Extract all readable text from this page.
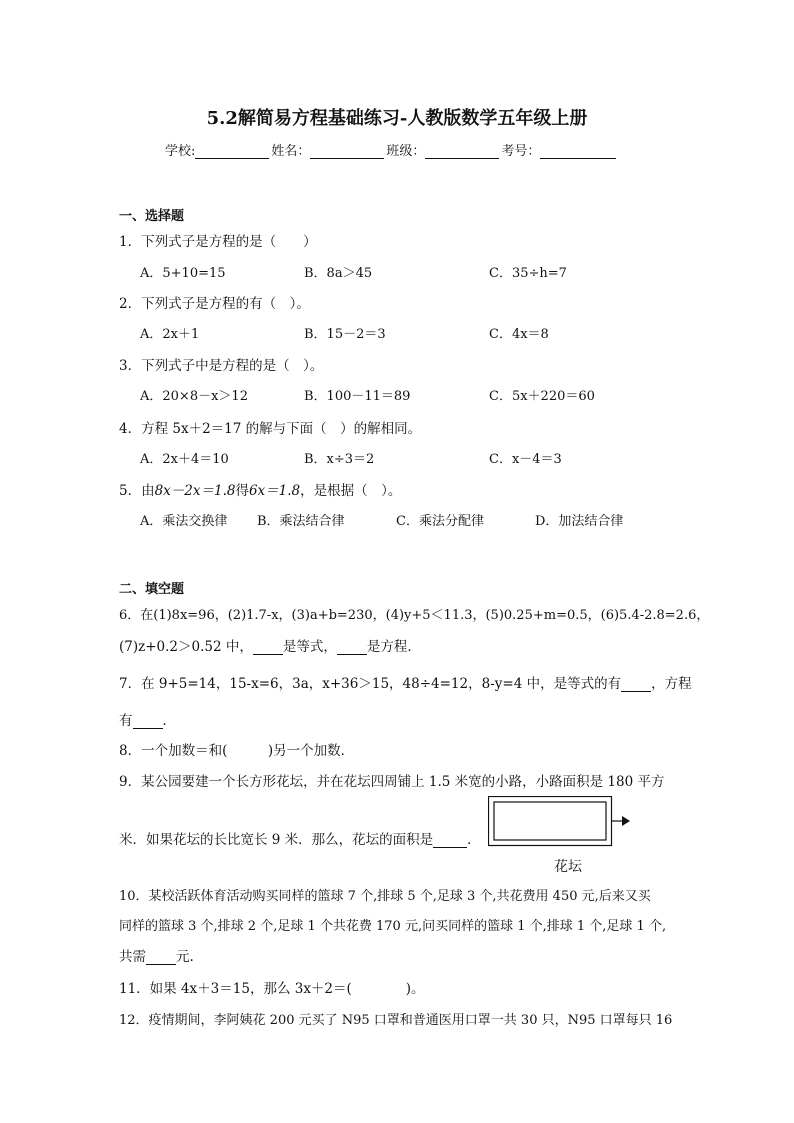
5.2解简易方程基础练习-人教版数学五年级上册
学校:	姓名：	班级：	考号：
一、选择题
1．下列式子是方程的是（　　）
A．5+10=15	B．8a＞45	C．35÷h=7
2．下列式子是方程的有（　）。
A．2x＋1	B．15－2＝3	C．4x＝8
3．下列式子中是方程的是（　）。
A．20×8－x＞12	B．100－11＝89	C．5x＋220＝60
4．方程 5x＋2＝17 的解与下面（　）的解相同。
A．2x＋4＝10	B．x÷3＝2	C．x－4＝3
5．由8x－2x＝1.8得6x＝1.8，是根据（　）。
A．乘法交换律 B．乘法结合律	C．乘法分配律	D．加法结合律
二、填空题
6．在(1)8x=96，(2)1.7-x，(3)a+b=230，(4)y+5＜11.3，(5)0.25+m=0.5，(6)5.4-2.8=2.6，
(7)z+0.2＞0.52 中， 是等式， 是方程．
7．在 9+5=14，15-x=6，3a，x+36＞15，48÷4=12，8-y=4 中，是等式的有 ，方程
有 ．
8．一个加数＝和(　　　)另一个加数．
9．某公园要建一个长方形花坛，并在花坛四周铺上 1.5 米宽的小路，小路面积是 180 平方
米．如果花坛的长比宽长 9 米．那么，花坛的面积是	．
花坛
10．某校活跃体育活动购买同样的篮球 7 个,排球 5 个,足球 3 个,共花费用 450 元,后来又买
同样的篮球 3 个,排球 2 个,足球 1 个共花费 170 元,问买同样的篮球 1 个,排球 1 个,足球 1 个,
共需 元.
11．如果 4x＋3＝15，那么 3x＋2＝(　　　　)。
12．疫情期间，李阿姨花 200 元买了 N95 口罩和普通医用口罩一共 30 只，N95 口罩每只 16
